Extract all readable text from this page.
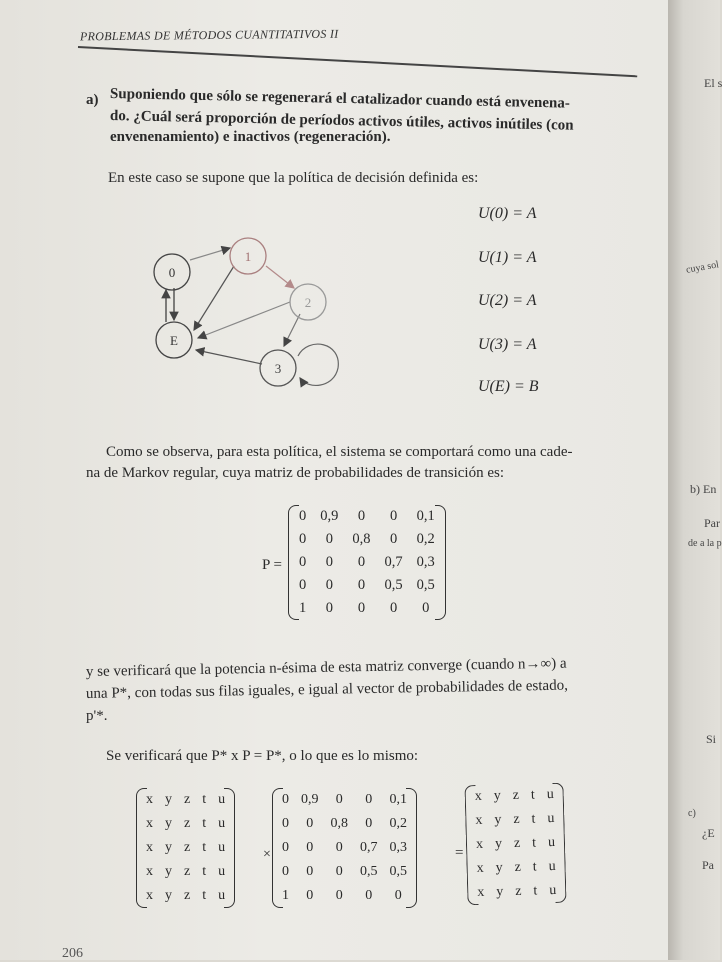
PROBLEMAS DE MÉTODOS CUANTITATIVOS II
a) Suponiendo que sólo se regenerará el catalizador cuando está envenena-
do. ¿Cuál será proporción de períodos activos útiles, activos inútiles (con
envenenamiento) e inactivos (regeneración).
En este caso se supone que la política de decisión definida es:
U(0) = A
U(1) = A
U(2) = A
U(3) = A
U(E) = B
0
1
2
3
E
Como se observa, para esta política, el sistema se comportará como una cade-
na de Markov regular, cuya matriz de probabilidades de transición es:
P =
0	0,9	0	0	0,1
0	0	0,8	0	0,2
0	0	0	0,7	0,3
0	0	0	0,5	0,5
1	0	0	0	0
y se verificará que la potencia n-ésima de esta matriz converge (cuando n→∞) a
una P*, con todas sus filas iguales, e igual al vector de probabilidades de estado,
p'*.
Se verificará que P* x P = P*, o lo que es lo mismo:
x	y	z	t	u
x	y	z	t	u
x	y	z	t	u
x	y	z	t	u
x	y	z	t	u
×
0	0,9	0	0	0,1
0	0	0,8	0	0,2
0	0	0	0,7	0,3
0	0	0	0,5	0,5
1	0	0	0	0
=
x	y	z	t	u
x	y	z	t	u
x	y	z	t	u
x	y	z	t	u
x	y	z	t	u
206
El s
cuya sol
b) En
Par
de a la p
Si
c)
¿E
Pa
